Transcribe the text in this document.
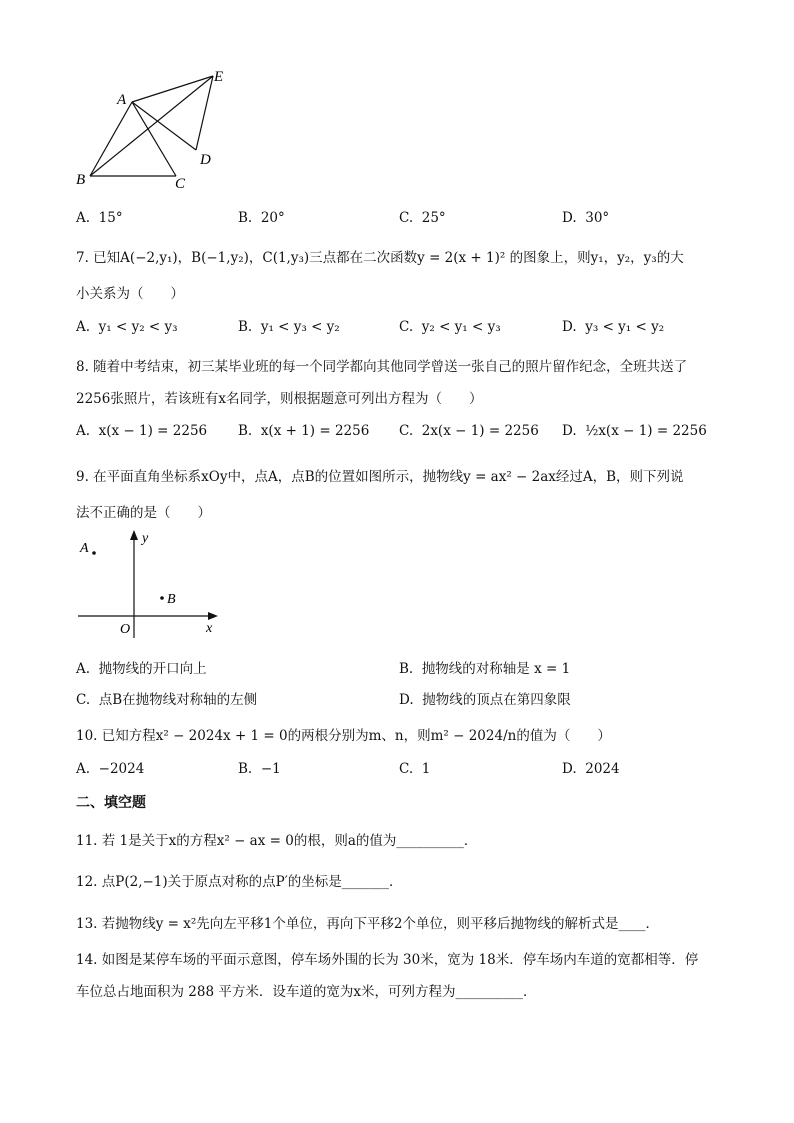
A
B	C
D
E
A. 15°	B. 20°	C. 25°	D. 30°
7. 已知A(−2,y₁)，B(−1,y₂)，C(1,y₃)三点都在二次函数y = 2(x + 1)² 的图象上，则y₁，y₂，y₃的大
小关系为（　　）
A. y₁ < y₂ < y₃	B. y₁ < y₃ < y₂	C. y₂ < y₁ < y₃	D. y₃ < y₁ < y₂
8. 随着中考结束，初三某毕业班的每一个同学都向其他同学曾送一张自己的照片留作纪念，全班共送了
2256张照片，若该班有x名同学，则根据题意可列出方程为（　　）
A. x(x − 1) = 2256 B. x(x + 1) = 2256 C. 2x(x − 1) = 2256 D. ½x(x − 1) = 2256
9. 在平面直角坐标系xOy中，点A，点B的位置如图所示，抛物线y = ax² − 2ax经过A，B，则下列说
法不正确的是（　　）
A
B
O	x
y
A. 抛物线的开口向上	B. 抛物线的对称轴是 x = 1
C. 点B在抛物线对称轴的左侧	D. 抛物线的顶点在第四象限
10. 已知方程x² − 2024x + 1 = 0的两根分别为m、n，则m² − 2024/n的值为（　　）
A. −2024	B. −1	C. 1	D. 2024
二、填空题
11. 若 1是关于x的方程x² − ax = 0的根，则a的值为__________．
12. 点P(2,−1)关于原点对称的点P′的坐标是_______．
13. 若抛物线y = x²先向左平移1个单位，再向下平移2个单位，则平移后抛物线的解析式是____．
14. 如图是某停车场的平面示意图，停车场外围的长为 30米，宽为 18米．停车场内车道的宽都相等．停
车位总占地面积为 288 平方米．设车道的宽为x米，可列方程为__________．
